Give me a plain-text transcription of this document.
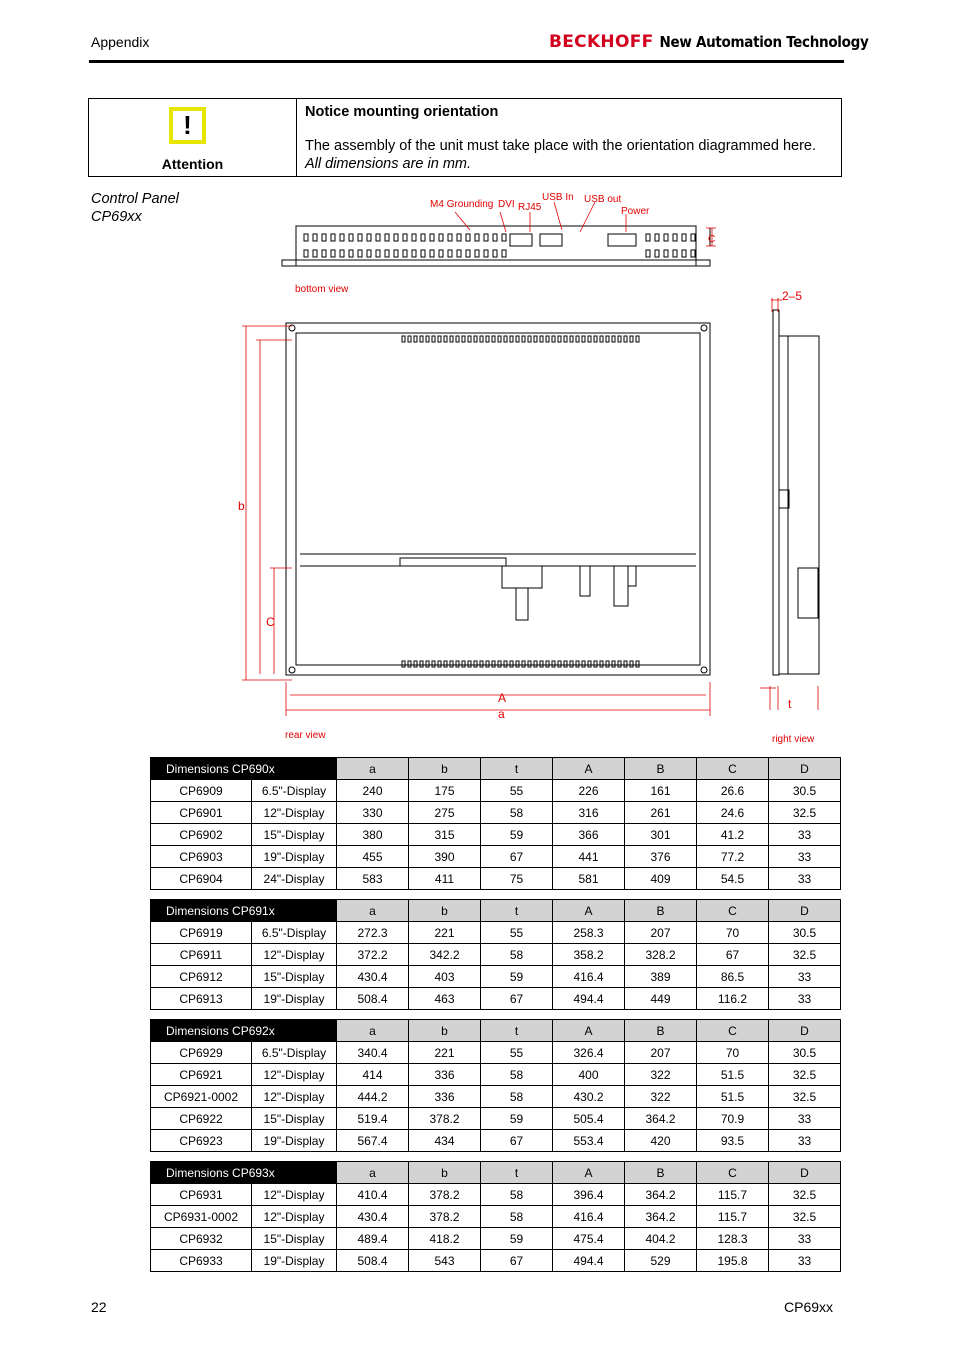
Appendix	BECKHOFF New Automation Technology
!
Attention
Notice mounting orientation
The assembly of the unit must take place with the orientation diagrammed here. All dimensions are in mm.
Control Panel
CP69xx
M4 Grounding DVI RJ45
USB In USB out
Power
bottom view
rear view	right view
b
C
A
a
t
2–5
C
Dimensions CP690x		a	b	t	A	B	C	D
CP6909	6.5"-Display	240	175	55	226	161	26.6	30.5
CP6901	12"-Display	330	275	58	316	261	24.6	32.5
CP6902	15"-Display	380	315	59	366	301	41.2	33
CP6903	19"-Display	455	390	67	441	376	77.2	33
CP6904	24"-Display	583	411	75	581	409	54.5	33
Dimensions CP691x		a	b	t	A	B	C	D
CP6919	6.5"-Display	272.3	221	55	258.3	207	70	30.5
CP6911	12"-Display	372.2	342.2	58	358.2	328.2	67	32.5
CP6912	15"-Display	430.4	403	59	416.4	389	86.5	33
CP6913	19"-Display	508.4	463	67	494.4	449	116.2	33
Dimensions CP692x		a	b	t	A	B	C	D
CP6929	6.5"-Display	340.4	221	55	326.4	207	70	30.5
CP6921	12"-Display	414	336	58	400	322	51.5	32.5
CP6921-0002	12"-Display	444.2	336	58	430.2	322	51.5	32.5
CP6922	15"-Display	519.4	378.2	59	505.4	364.2	70.9	33
CP6923	19"-Display	567.4	434	67	553.4	420	93.5	33
Dimensions CP693x		a	b	t	A	B	C	D
CP6931	12"-Display	410.4	378.2	58	396.4	364.2	115.7	32.5
CP6931-0002	12"-Display	430.4	378.2	58	416.4	364.2	115.7	32.5
CP6932	15"-Display	489.4	418.2	59	475.4	404.2	128.3	33
CP6933	19"-Display	508.4	543	67	494.4	529	195.8	33
22	CP69xx
